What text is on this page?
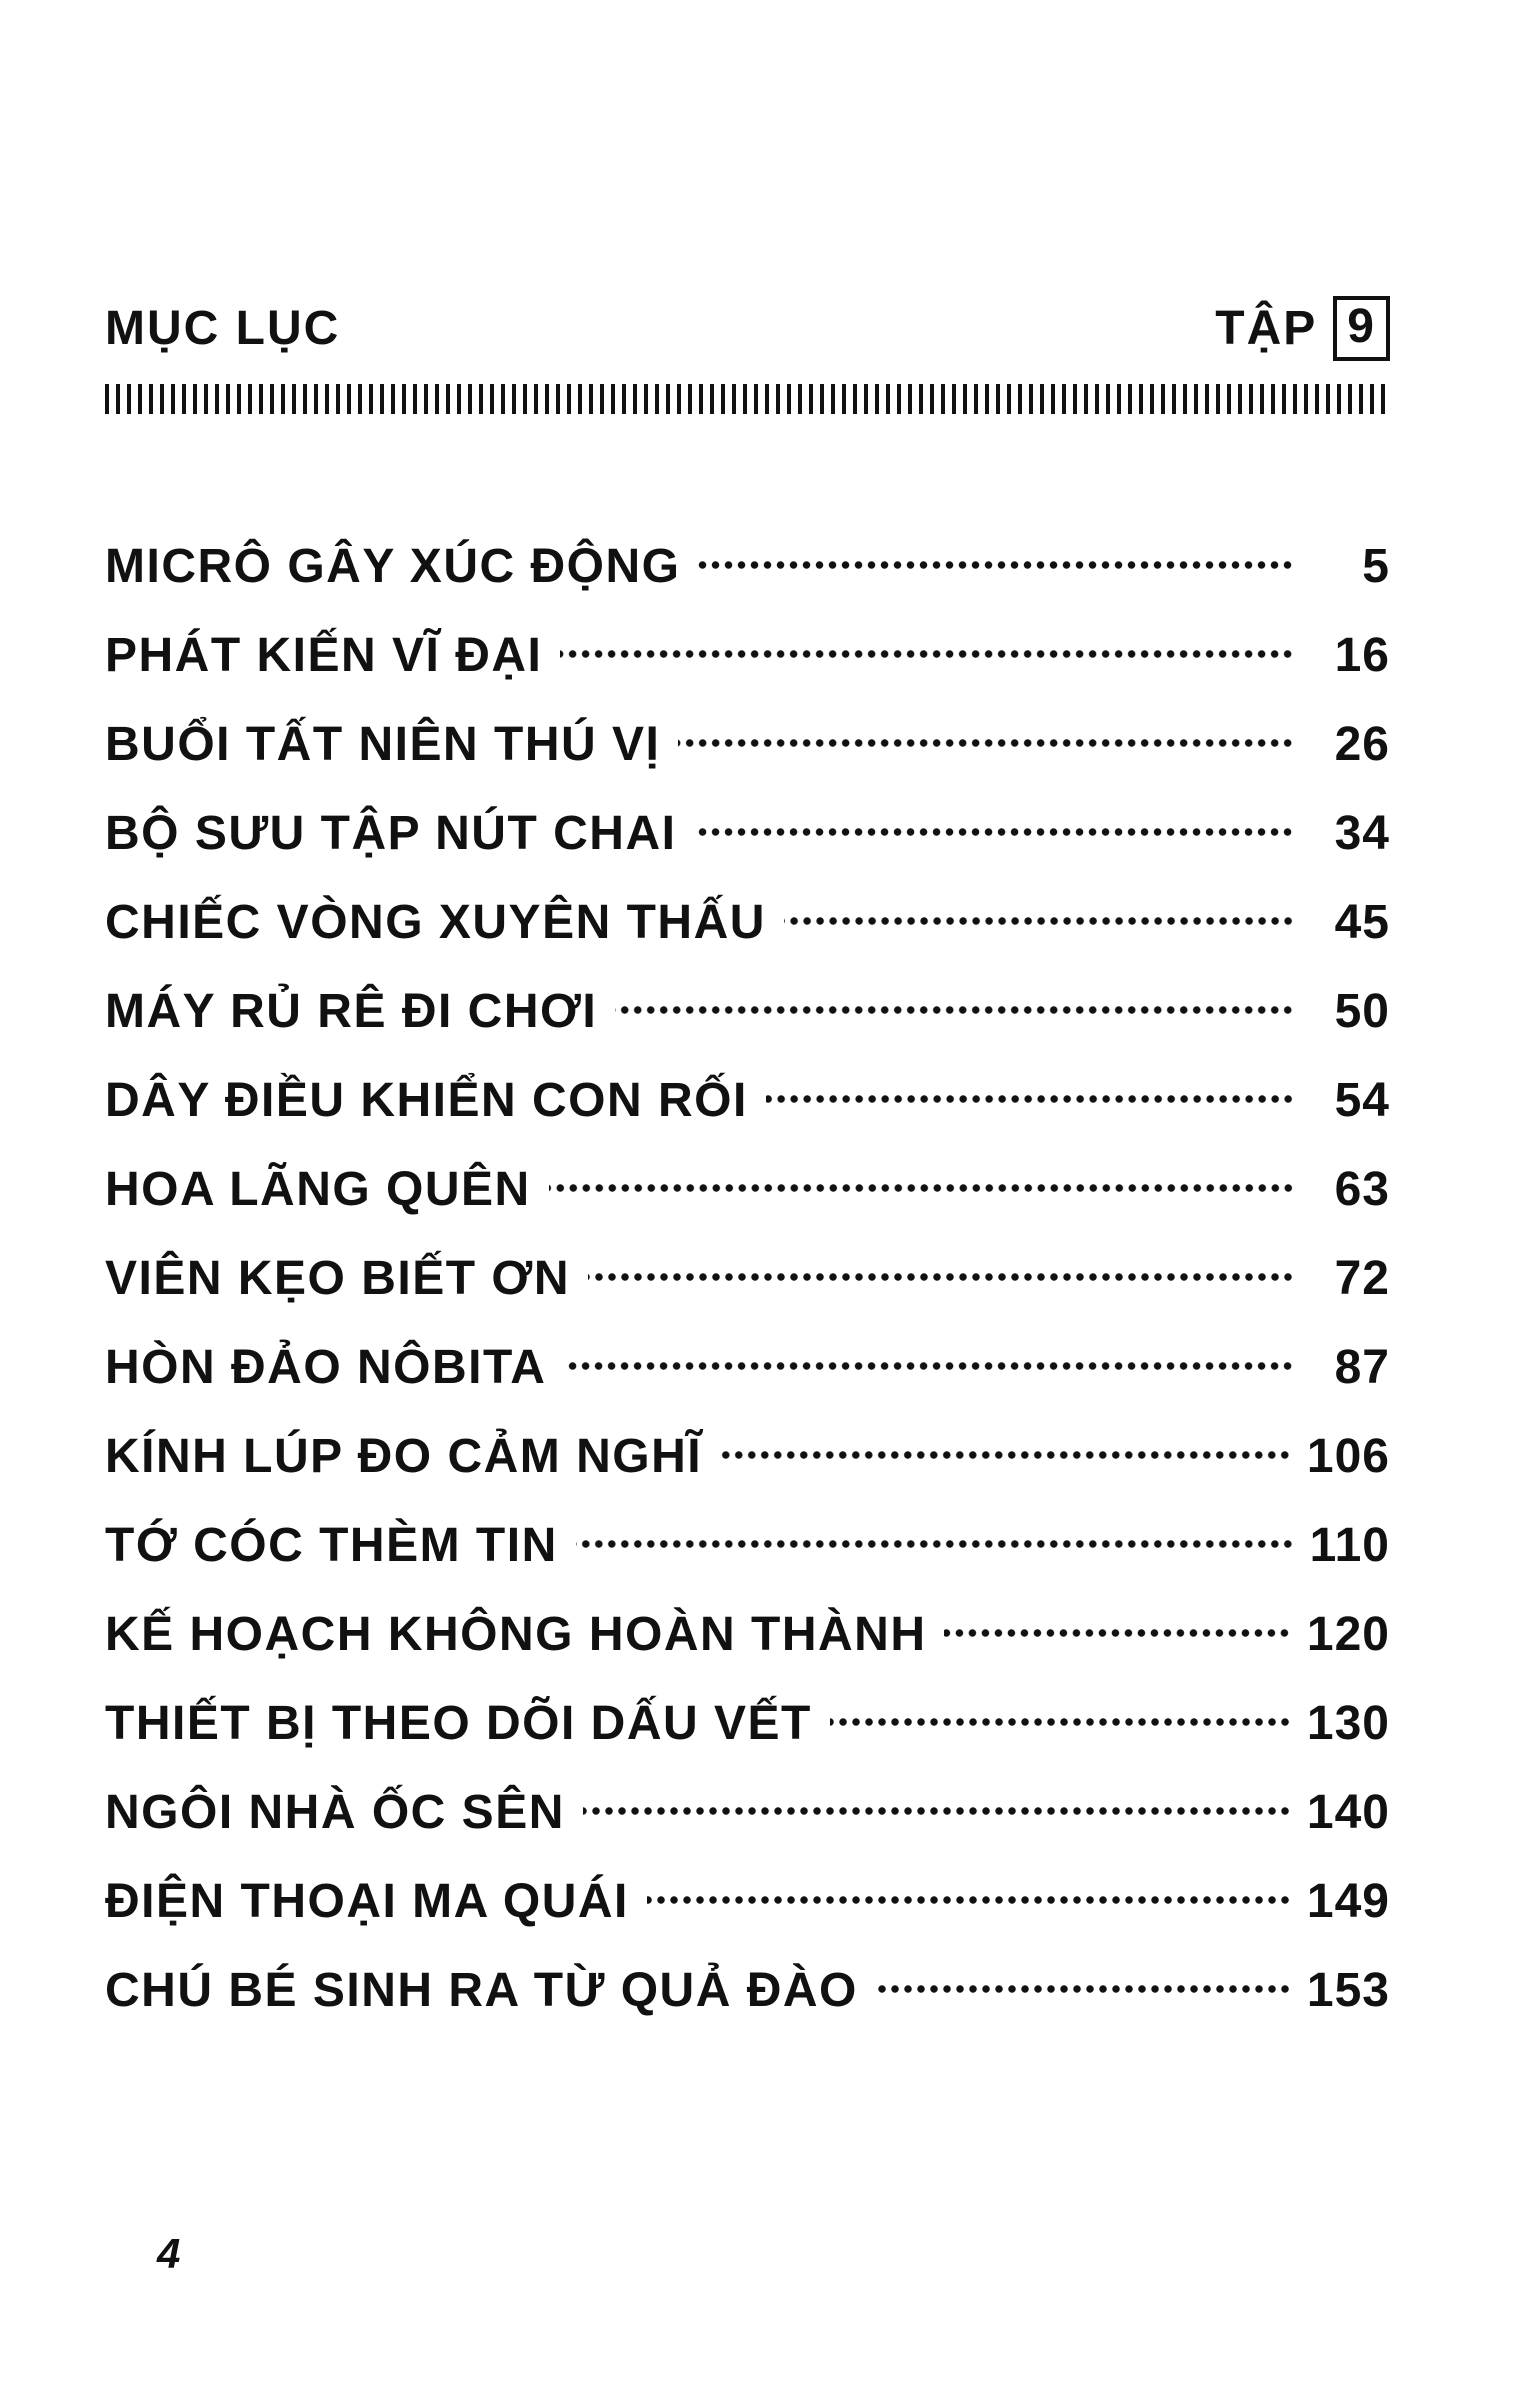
MỤC LỤC	TẬP 9
MICRÔ GÂY XÚC ĐỘNG	5
PHÁT KIẾN VĨ ĐẠI	16
BUỔI TẤT NIÊN THÚ VỊ	26
BỘ SƯU TẬP NÚT CHAI	34
CHIẾC VÒNG XUYÊN THẤU	45
MÁY RỦ RÊ ĐI CHƠI	50
DÂY ĐIỀU KHIỂN CON RỐI	54
HOA LÃNG QUÊN	63
VIÊN KẸO BIẾT ƠN	72
HÒN ĐẢO NÔBITA	87
KÍNH LÚP ĐO CẢM NGHĨ	106
TỚ CÓC THÈM TIN	110
KẾ HOẠCH KHÔNG HOÀN THÀNH	120
THIẾT BỊ THEO DÕI DẤU VẾT	130
NGÔI NHÀ ỐC SÊN	140
ĐIỆN THOẠI MA QUÁI	149
CHÚ BÉ SINH RA TỪ QUẢ ĐÀO	153
4
